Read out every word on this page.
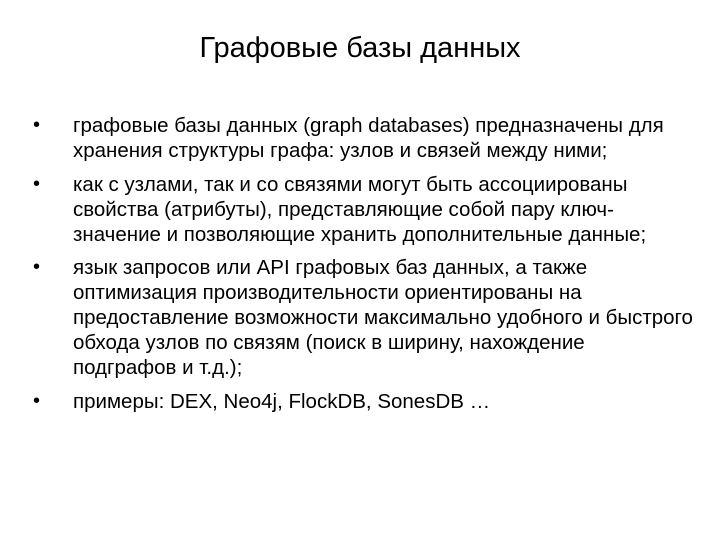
Графовые базы данных
•	графовые базы данных (graph databases) предназначены для хранения структуры графа: узлов и связей между ними;
•	как с узлами, так и со связями могут быть ассоциированы свойства (атрибуты), представляющие собой пару ключ-значение и позволяющие хранить дополнительные данные;
•	язык запросов или API графовых баз данных, а также оптимизация производительности ориентированы на предоставление возможности максимально удобного и быстрого обхода узлов по связям (поиск в ширину, нахождение подграфов и т.д.);
•	примеры: DEX, Neo4j, FlockDB, SonesDB …
